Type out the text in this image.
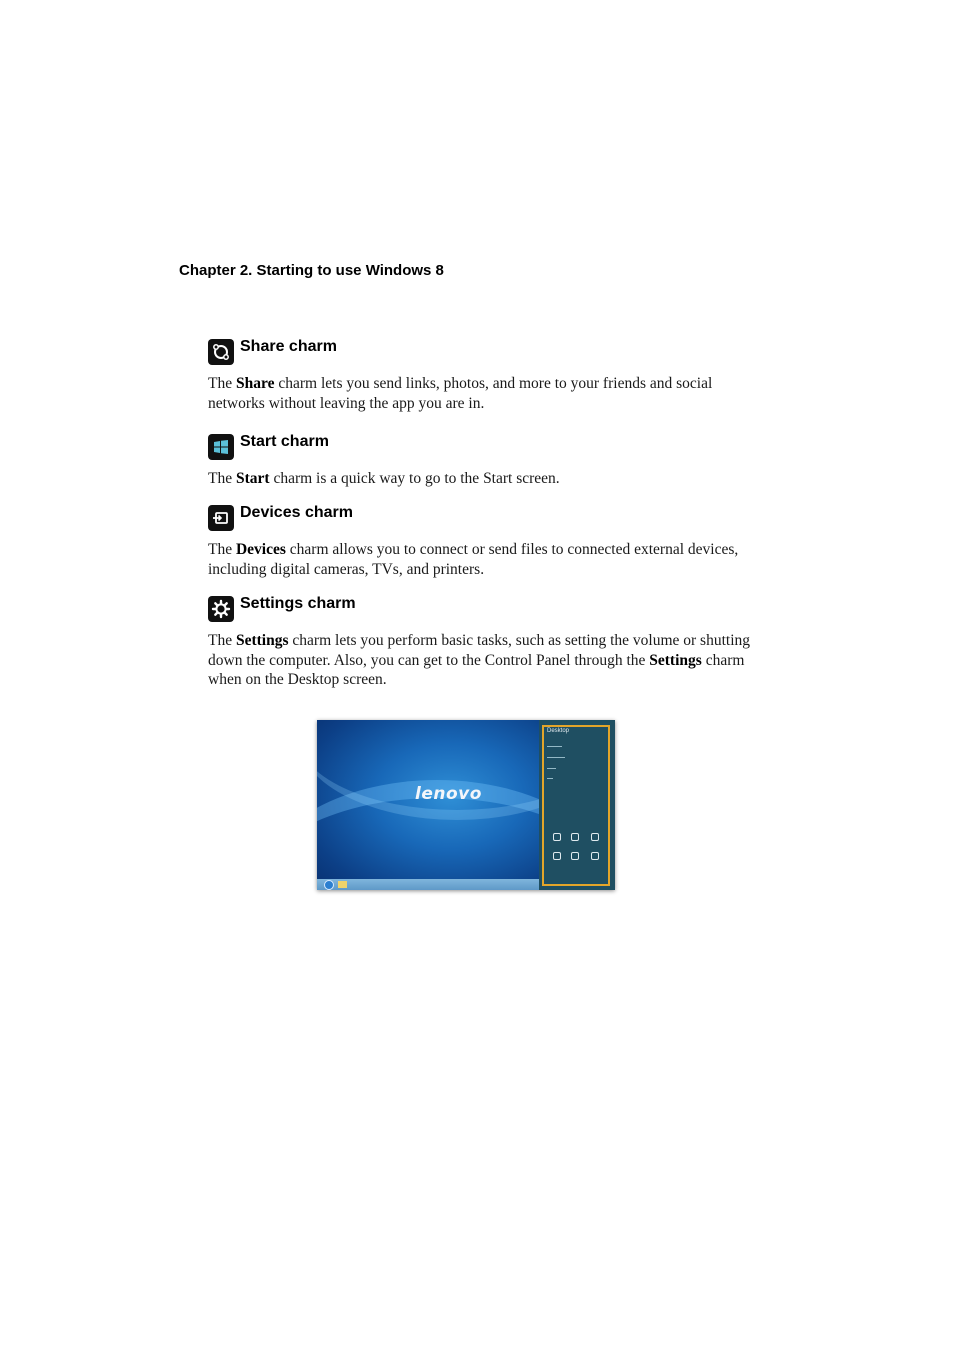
Chapter 2. Starting to use Windows 8
Share charm

The Share charm lets you send links, photos, and more to your friends and social networks without leaving the app you are in.

Start charm

The Start charm is a quick way to go to the Start screen.

Devices charm

The Devices charm allows you to connect or send files to connected external devices, including digital cameras, TVs, and printers.

Settings charm

The Settings charm lets you perform basic tasks, such as setting the volume or shutting down the computer. Also, you can get to the Control Panel through the Settings charm when on the Desktop screen.

lenovo
Desktop
▬▬▬▬▬
▬▬▬▬▬▬
▬▬▬
▬▬
